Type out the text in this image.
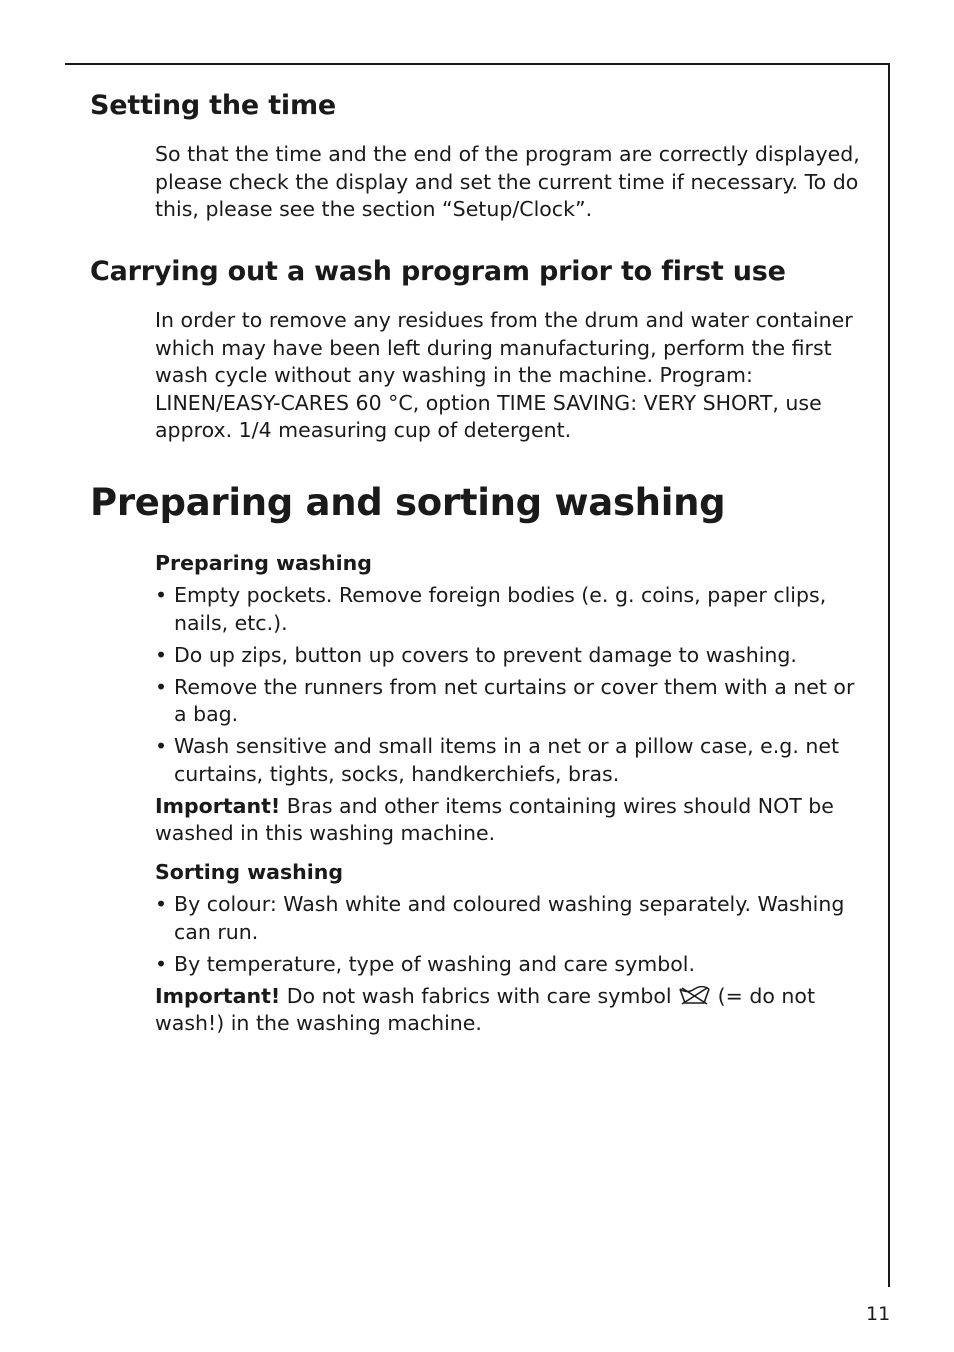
Setting the time

So that the time and the end of the program are correctly displayed, please check the display and set the current time if necessary. To do this, please see the section “Setup/Clock”.

Carrying out a wash program prior to first use

In order to remove any residues from the drum and water container which may have been left during manufacturing, perform the first wash cycle without any washing in the machine. Program: LINEN/EASY-CARES 60 °C, option TIME SAVING: VERY SHORT, use approx. 1/4 measuring cup of detergent.

Preparing and sorting washing

Preparing washing

• Empty pockets. Remove foreign bodies (e. g. coins, paper clips, nails, etc.).
• Do up zips, button up covers to prevent damage to washing.
• Remove the runners from net curtains or cover them with a net or a bag.
• Wash sensitive and small items in a net or a pillow case, e.g. net curtains, tights, socks, handkerchiefs, bras.

Important! Bras and other items containing wires should NOT be washed in this washing machine.

Sorting washing

• By colour: Wash white and coloured washing separately. Washing can run.
• By temperature, type of washing and care symbol.

Important! Do not wash fabrics with care symbol (= do not wash!) in the washing machine.

11
